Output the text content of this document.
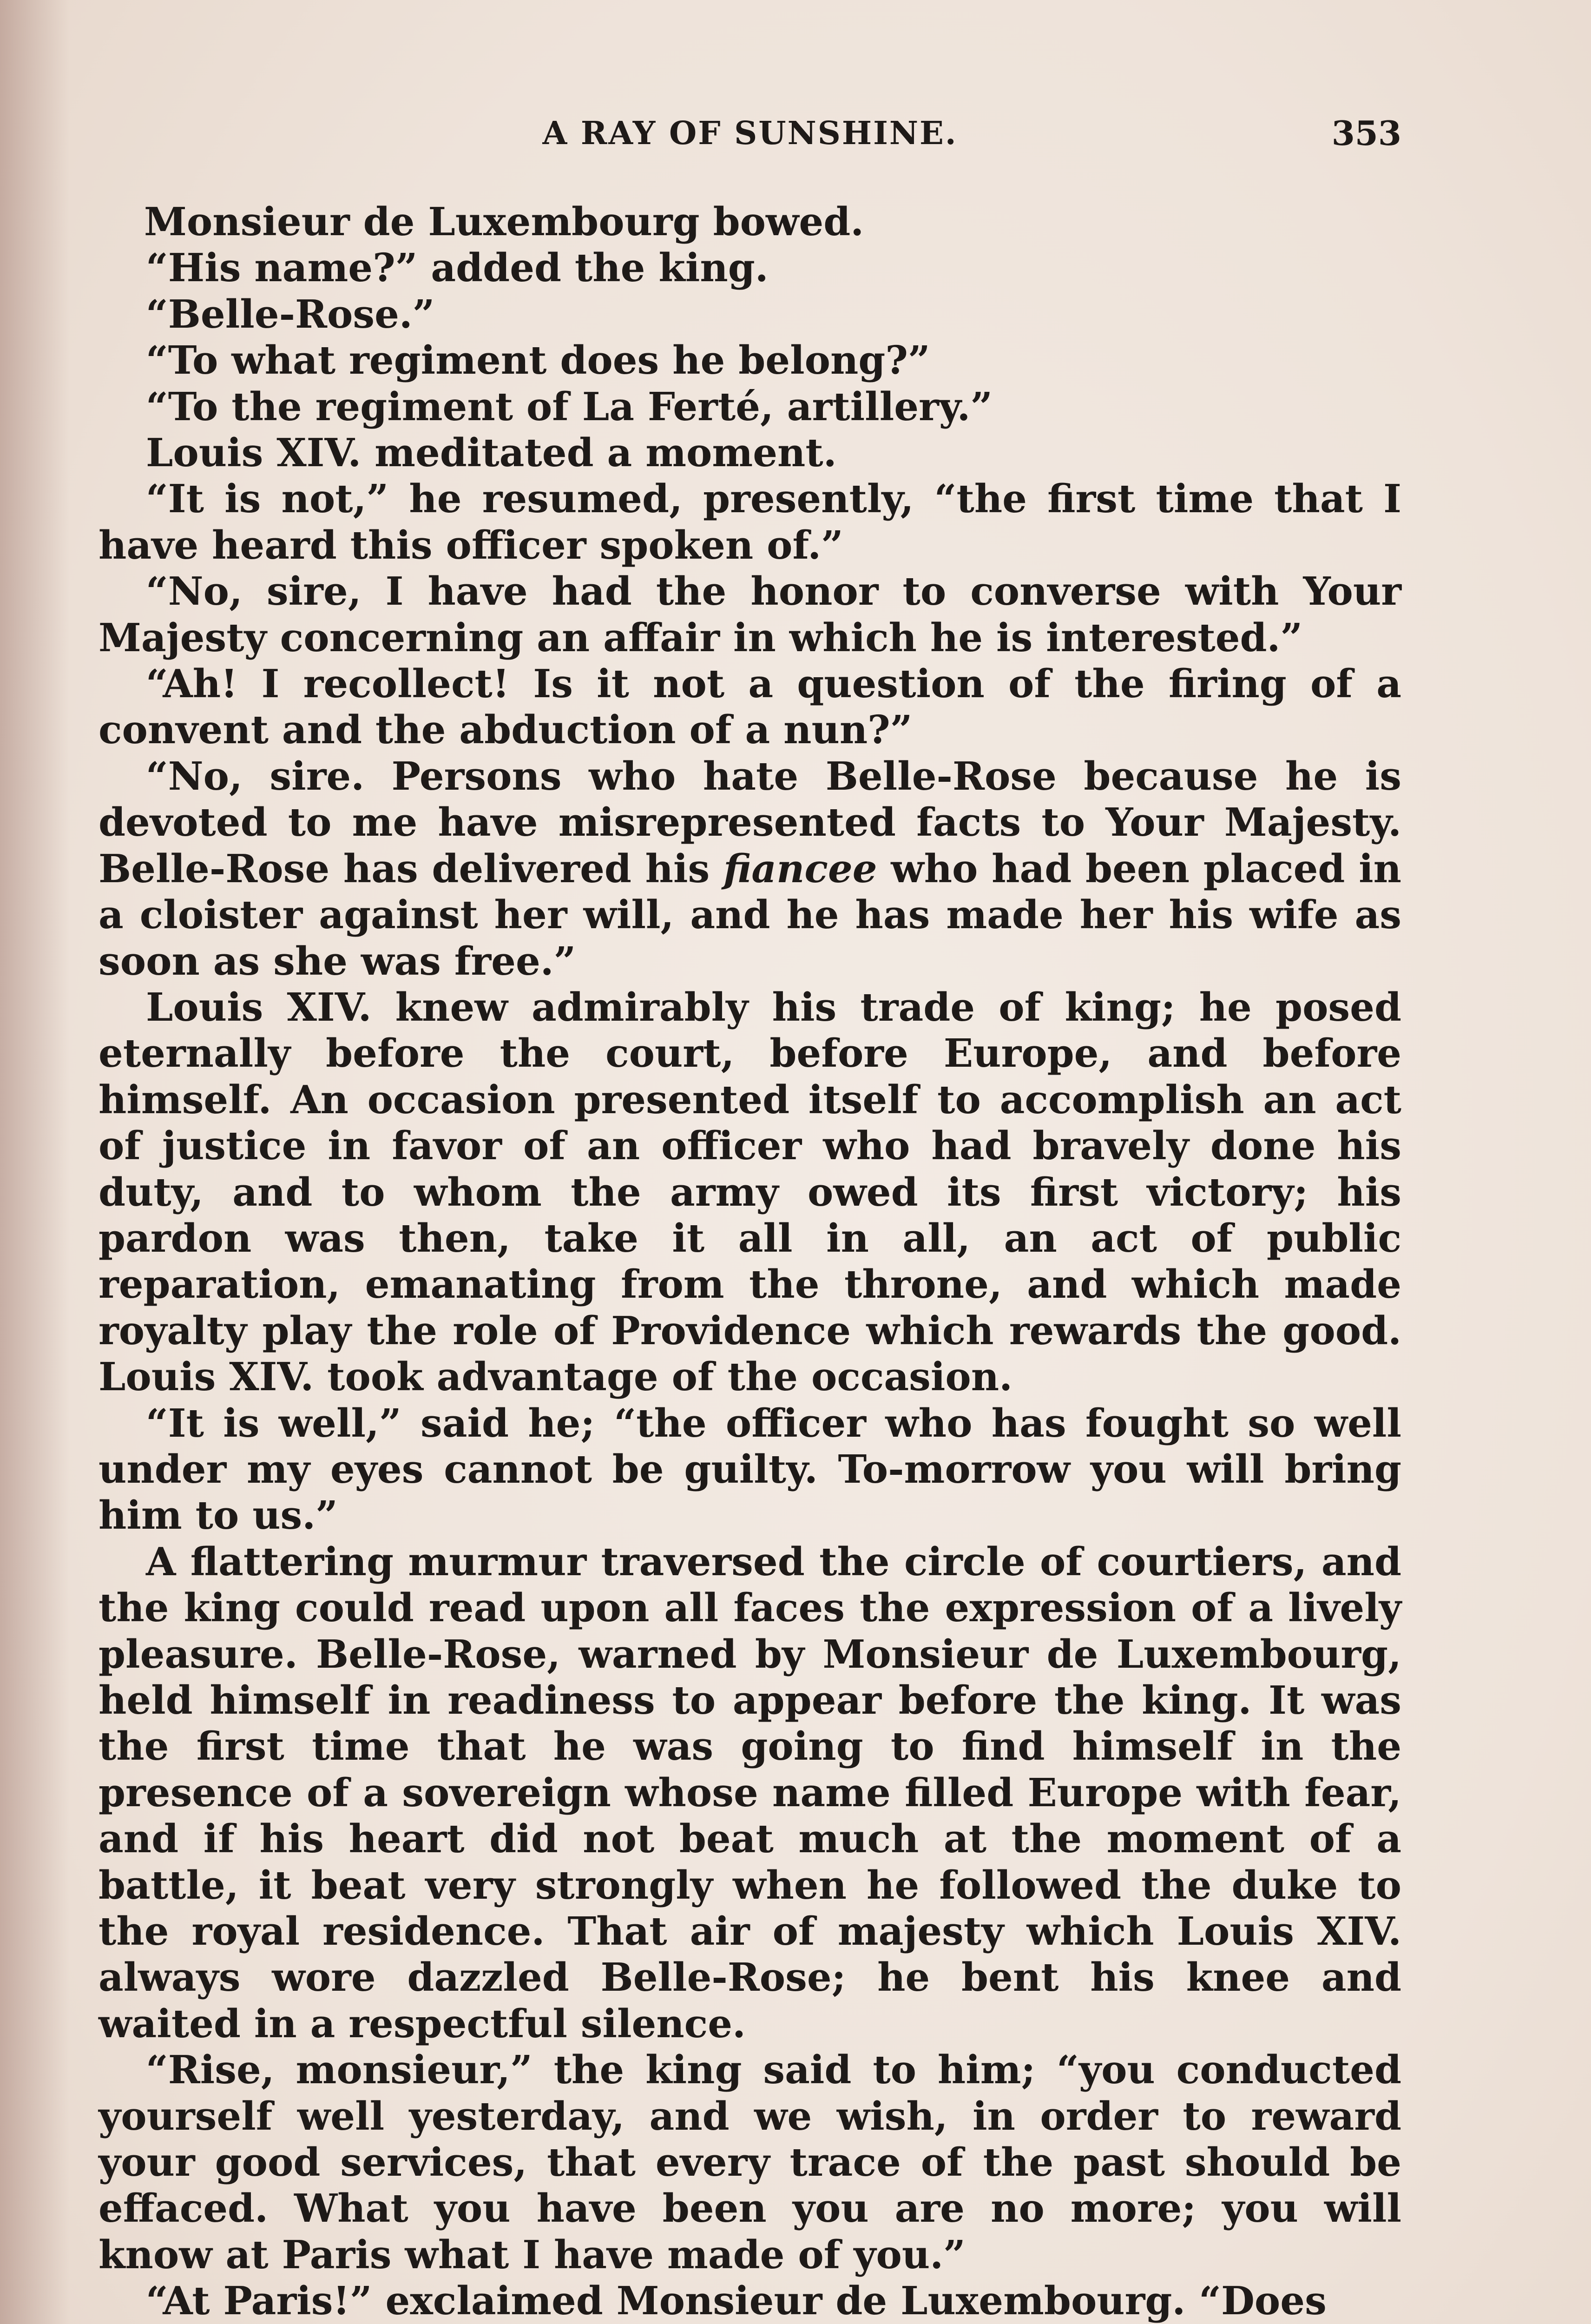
A RAY OF SUNSHINE.	353

Monsieur de Luxembourg bowed.

“His name?” added the king.

“Belle-Rose.”

“To what regiment does he belong?”

“To the regiment of La Ferté, artillery.”

Louis XIV. meditated a moment.

“It is not,” he resumed, presently, “the first time that I have heard this officer spoken of.”

“No, sire, I have had the honor to converse with Your Majesty concerning an affair in which he is interested.”

“Ah! I recollect! Is it not a question of the firing of a convent and the abduction of a nun?”

“No, sire. Persons who hate Belle-Rose because he is devoted to me have misrepresented facts to Your Majesty. Belle-Rose has delivered his fiancee who had been placed in a cloister against her will, and he has made her his wife as soon as she was free.”

Louis XIV. knew admirably his trade of king; he posed eternally before the court, before Europe, and before himself. An occasion presented itself to accomplish an act of justice in favor of an officer who had bravely done his duty, and to whom the army owed its first victory; his pardon was then, take it all in all, an act of public reparation, emanating from the throne, and which made royalty play the role of Providence which rewards the good. Louis XIV. took advantage of the occasion.

“It is well,” said he; “the officer who has fought so well under my eyes cannot be guilty. To-morrow you will bring him to us.”

A flattering murmur traversed the circle of courtiers, and the king could read upon all faces the expression of a lively pleasure. Belle-Rose, warned by Monsieur de Luxembourg, held himself in readiness to appear before the king. It was the first time that he was going to find himself in the presence of a sovereign whose name filled Europe with fear, and if his heart did not beat much at the moment of a battle, it beat very strongly when he followed the duke to the royal residence. That air of majesty which Louis XIV. always wore dazzled Belle-Rose; he bent his knee and waited in a respectful silence.

“Rise, monsieur,” the king said to him; “you conducted yourself well yesterday, and we wish, in order to reward your good services, that every trace of the past should be effaced. What you have been you are no more; you will know at Paris what I have made of you.”

“At Paris!” exclaimed Monsieur de Luxembourg. “Does
